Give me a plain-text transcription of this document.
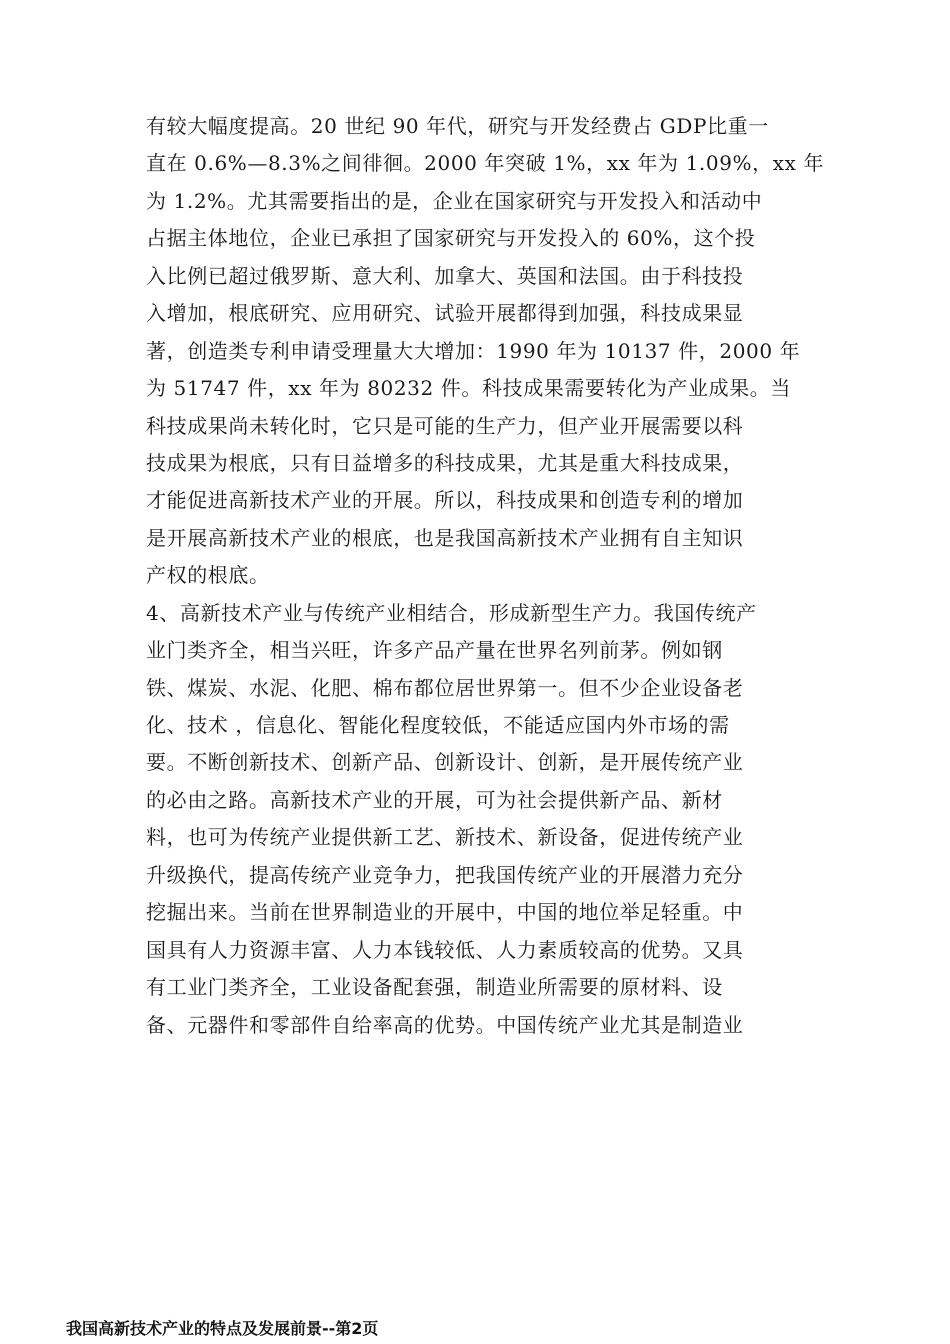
有较大幅度提高。20 世纪 90 年代，研究与开发经费占 GDP比重一
直在 0.6%—8.3%之间徘徊。2000 年突破 1%，xx 年为 1.09%，xx 年
为 1.2%。尤其需要指出的是，企业在国家研究与开发投入和活动中
占据主体地位，企业已承担了国家研究与开发投入的 60%，这个投
入比例已超过俄罗斯、意大利、加拿大、英国和法国。由于科技投
入增加，根底研究、应用研究、试验开展都得到加强，科技成果显
著，创造类专利申请受理量大大增加：1990 年为 10137 件，2000 年
为 51747 件，xx 年为 80232 件。科技成果需要转化为产业成果。当
科技成果尚未转化时，它只是可能的生产力，但产业开展需要以科
技成果为根底，只有日益增多的科技成果，尤其是重大科技成果，
才能促进高新技术产业的开展。所以，科技成果和创造专利的增加
是开展高新技术产业的根底，也是我国高新技术产业拥有自主知识
产权的根底。
4、高新技术产业与传统产业相结合，形成新型生产力。我国传统产
业门类齐全，相当兴旺，许多产品产量在世界名列前茅。例如钢
铁、煤炭、水泥、化肥、棉布都位居世界第一。但不少企业设备老
化、技术 ，信息化、智能化程度较低，不能适应国内外市场的需
要。不断创新技术、创新产品、创新设计、创新，是开展传统产业
的必由之路。高新技术产业的开展，可为社会提供新产品、新材
料，也可为传统产业提供新工艺、新技术、新设备，促进传统产业
升级换代，提高传统产业竞争力，把我国传统产业的开展潜力充分
挖掘出来。当前在世界制造业的开展中，中国的地位举足轻重。中
国具有人力资源丰富、人力本钱较低、人力素质较高的优势。又具
有工业门类齐全，工业设备配套强，制造业所需要的原材料、设
备、元器件和零部件自给率高的优势。中国传统产业尤其是制造业
我国高新技术产业的特点及发展前景--第2页
